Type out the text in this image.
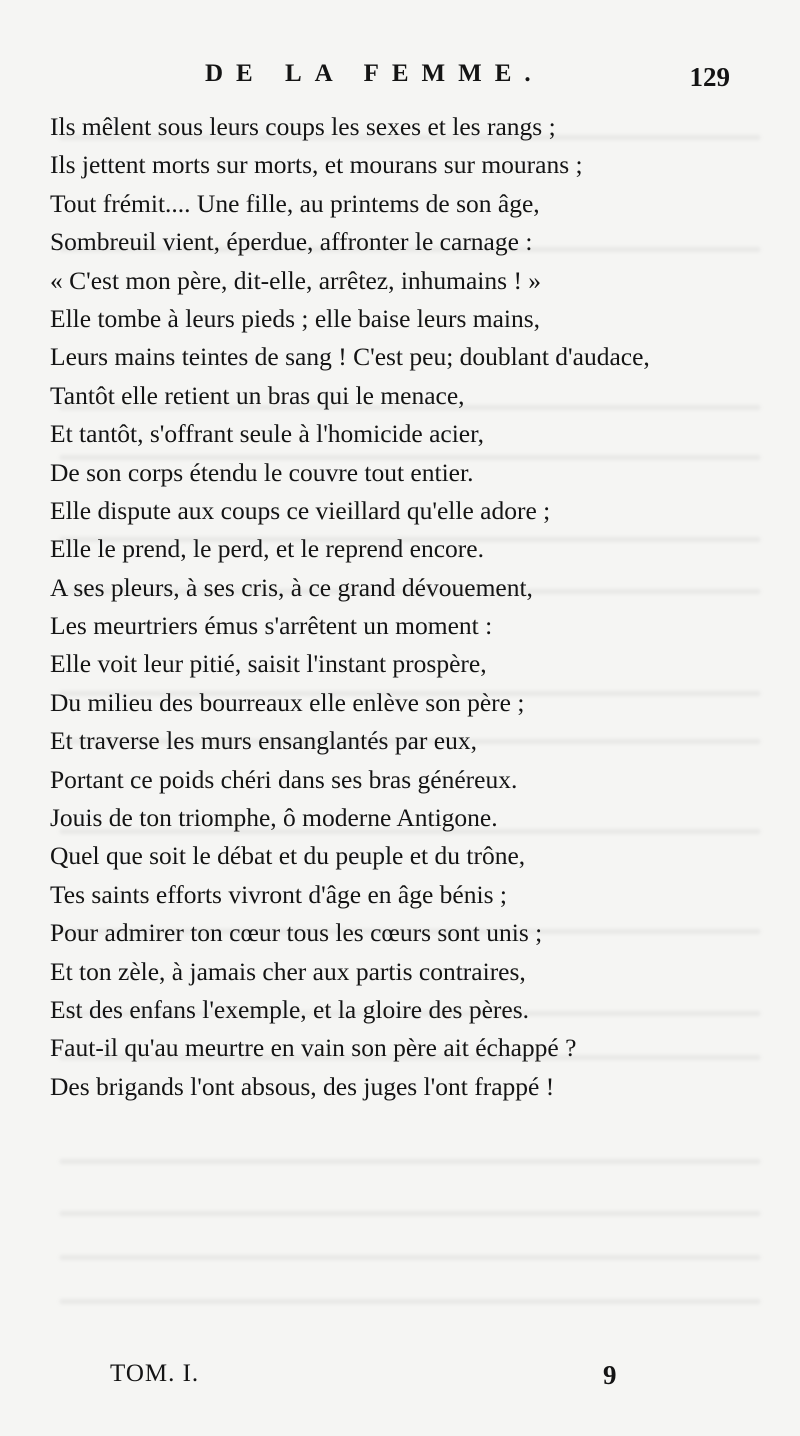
DE LA FEMME.	129
Ils mêlent sous leurs coups les sexes et les rangs ;
Ils jettent morts sur morts, et mourans sur mourans ;
Tout frémit.... Une fille, au printems de son âge,
Sombreuil vient, éperdue, affronter le carnage :
« C'est mon père, dit-elle, arrêtez, inhumains ! »
Elle tombe à leurs pieds ; elle baise leurs mains,
Leurs mains teintes de sang ! C'est peu; doublant d'audace,
Tantôt elle retient un bras qui le menace,
Et tantôt, s'offrant seule à l'homicide acier,
De son corps étendu le couvre tout entier.
Elle dispute aux coups ce vieillard qu'elle adore ;
Elle le prend, le perd, et le reprend encore.
A ses pleurs, à ses cris, à ce grand dévouement,
Les meurtriers émus s'arrêtent un moment :
Elle voit leur pitié, saisit l'instant prospère,
Du milieu des bourreaux elle enlève son père ;
Et traverse les murs ensanglantés par eux,
Portant ce poids chéri dans ses bras généreux.
Jouis de ton triomphe, ô moderne Antigone.
Quel que soit le débat et du peuple et du trône,
Tes saints efforts vivront d'âge en âge bénis ;
Pour admirer ton cœur tous les cœurs sont unis ;
Et ton zèle, à jamais cher aux partis contraires,
Est des enfans l'exemple, et la gloire des pères.
Faut-il qu'au meurtre en vain son père ait échappé ?
Des brigands l'ont absous, des juges l'ont frappé !
TOM. I.	9
